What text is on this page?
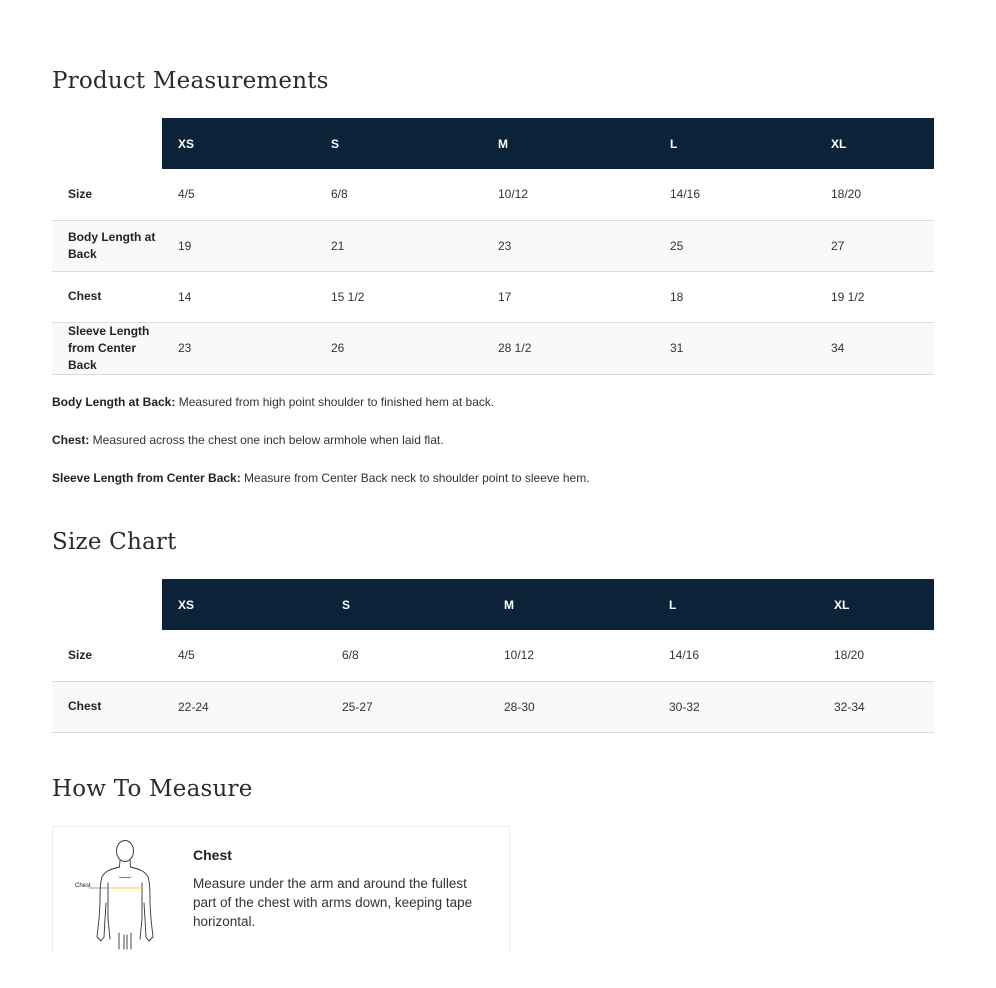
Product Measurements
	XS	S	M	L	XL
Size	4/5	6/8	10/12	14/16	18/20
Body Length at Back	19	21	23	25	27
Chest	14	15 1/2	17	18	19 1/2
Sleeve Length from Center Back	23	26	28 1/2	31	34

Body Length at Back: Measured from high point shoulder to finished hem at back.

Chest: Measured across the chest one inch below armhole when laid flat.

Sleeve Length from Center Back: Measure from Center Back neck to shoulder point to sleeve hem.

Size Chart
	XS	S	M	L	XL
Size	4/5	6/8	10/12	14/16	18/20
Chest	22-24	25-27	28-30	30-32	32-34
How To Measure
Chest
Chest

Measure under the arm and around the fullest part of the chest with arms down, keeping tape horizontal.
